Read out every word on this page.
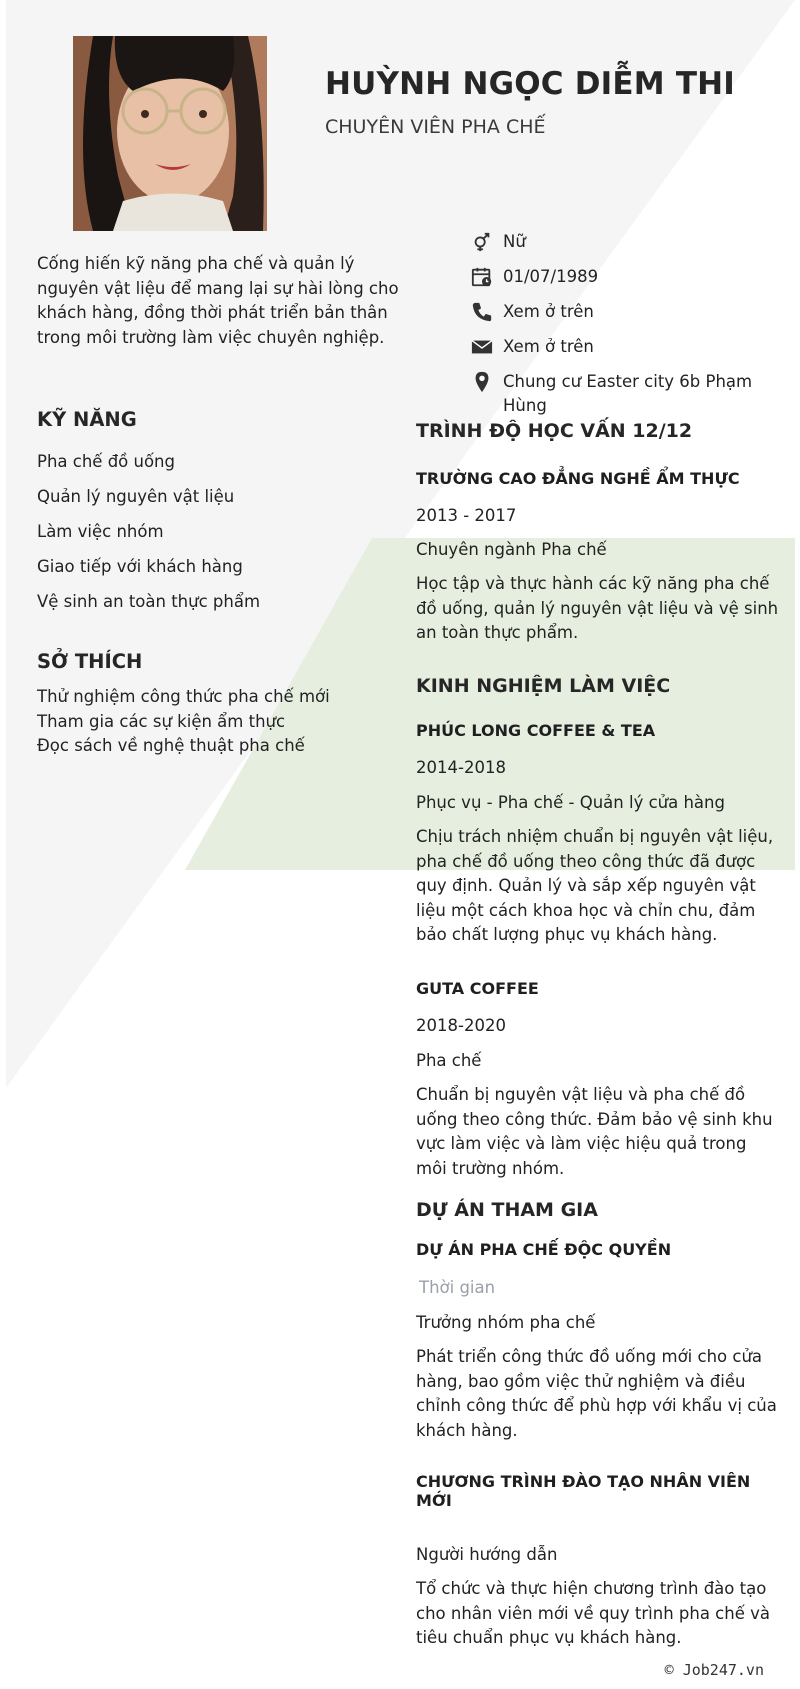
HUỲNH NGỌC DIỄM THI
CHUYÊN VIÊN PHA CHẾ
Cống hiến kỹ năng pha chế và quản lý nguyên vật liệu để mang lại sự hài lòng cho khách hàng, đồng thời phát triển bản thân trong môi trường làm việc chuyên nghiệp.
Nữ
01/07/1989
Xem ở trên
Xem ở trên
Chung cư Easter city 6b Phạm Hùng
KỸ NĂNG
Pha chế đồ uống
Quản lý nguyên vật liệu
Làm việc nhóm
Giao tiếp với khách hàng
Vệ sinh an toàn thực phẩm
SỞ THÍCH
Thử nghiệm công thức pha chế mới
Tham gia các sự kiện ẩm thực
Đọc sách về nghệ thuật pha chế
TRÌNH ĐỘ HỌC VẤN 12/12
TRƯỜNG CAO ĐẲNG NGHỀ ẨM THỰC
2013 - 2017
Chuyên ngành Pha chế
Học tập và thực hành các kỹ năng pha chế đồ uống, quản lý nguyên vật liệu và vệ sinh an toàn thực phẩm.
KINH NGHIỆM LÀM VIỆC
PHÚC LONG COFFEE & TEA
2014-2018
Phục vụ - Pha chế - Quản lý cửa hàng
Chịu trách nhiệm chuẩn bị nguyên vật liệu, pha chế đồ uống theo công thức đã được quy định. Quản lý và sắp xếp nguyên vật liệu một cách khoa học và chỉn chu, đảm bảo chất lượng phục vụ khách hàng.
GUTA COFFEE
2018-2020
Pha chế
Chuẩn bị nguyên vật liệu và pha chế đồ uống theo công thức. Đảm bảo vệ sinh khu vực làm việc và làm việc hiệu quả trong môi trường nhóm.
DỰ ÁN THAM GIA
DỰ ÁN PHA CHẾ ĐỘC QUYỀN
Thời gian
Trưởng nhóm pha chế
Phát triển công thức đồ uống mới cho cửa hàng, bao gồm việc thử nghiệm và điều chỉnh công thức để phù hợp với khẩu vị của khách hàng.
CHƯƠNG TRÌNH ĐÀO TẠO NHÂN VIÊN MỚI
Người hướng dẫn
Tổ chức và thực hiện chương trình đào tạo cho nhân viên mới về quy trình pha chế và tiêu chuẩn phục vụ khách hàng.
© Job247.vn
